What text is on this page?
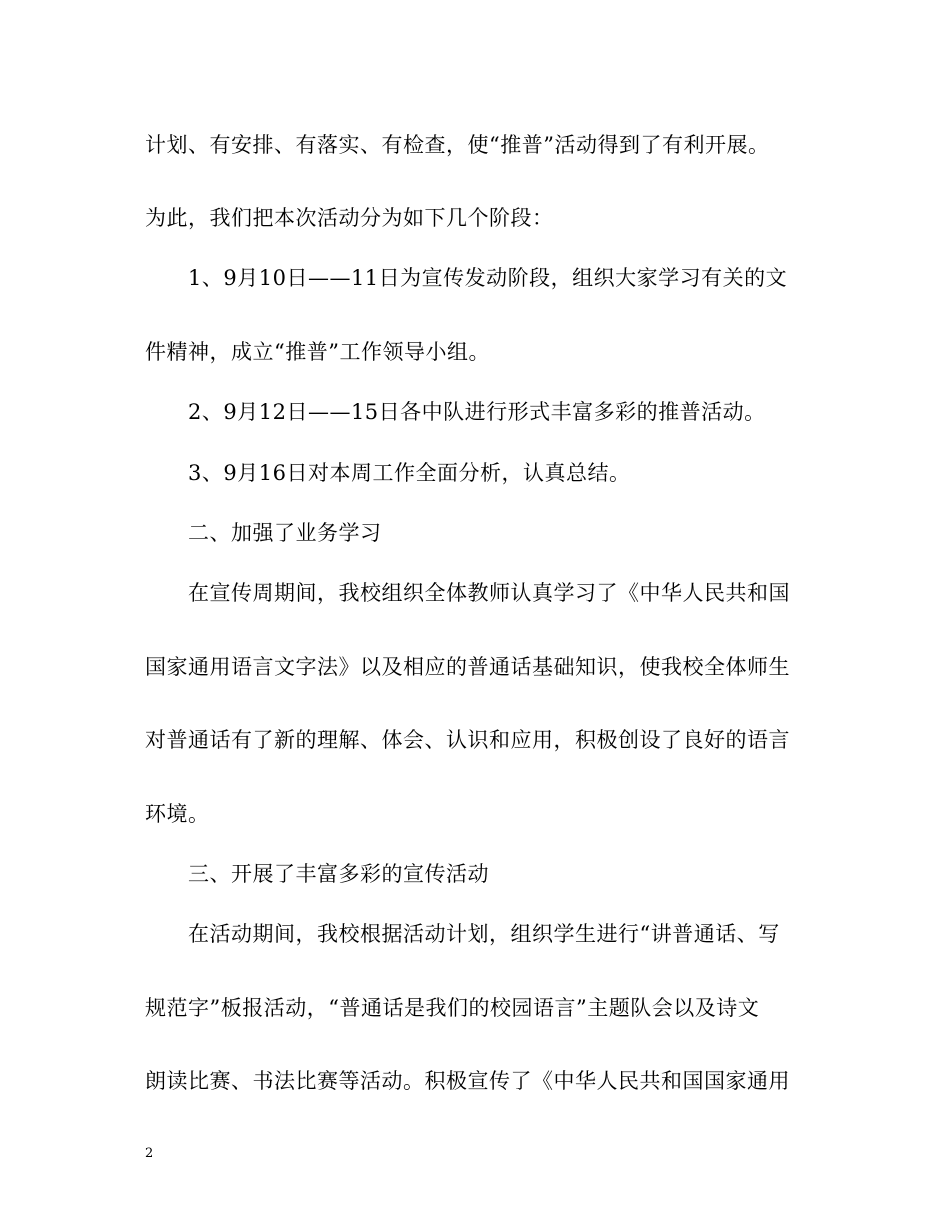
计划、有安排、有落实、有检查，使“推普”活动得到了有利开展。
为此，我们把本次活动分为如下几个阶段：
1、9月10日——11日为宣传发动阶段，组织大家学习有关的文
件精神，成立“推普”工作领导小组。
2、9月12日——15日各中队进行形式丰富多彩的推普活动。
3、9月16日对本周工作全面分析，认真总结。
二、加强了业务学习
在宣传周期间，我校组织全体教师认真学习了《中华人民共和国
国家通用语言文字法》以及相应的普通话基础知识，使我校全体师生
对普通话有了新的理解、体会、认识和应用，积极创设了良好的语言
环境。
三、开展了丰富多彩的宣传活动
在活动期间，我校根据活动计划，组织学生进行“讲普通话、写
规范字”板报活动，“普通话是我们的校园语言”主题队会以及诗文
朗读比赛、书法比赛等活动。积极宣传了《中华人民共和国国家通用
2
